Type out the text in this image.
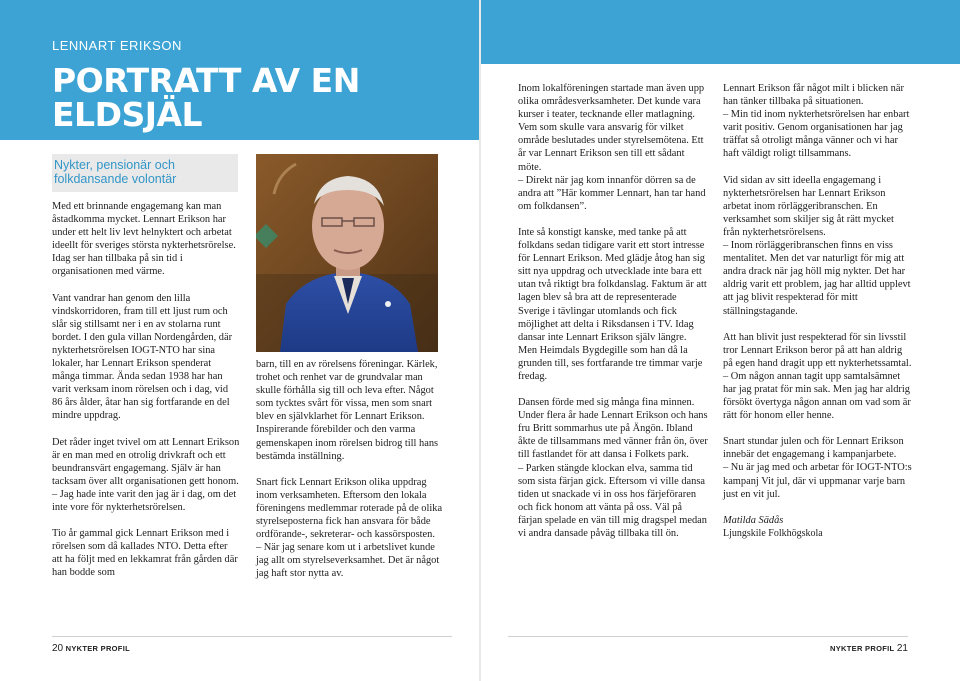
LENNART ERIKSON
PORTRATT AV EN ELDSJÄL
Nykter, pensionär och folkdansande volontär

Med ett brinnande engagemang kan man åstadkomma mycket. Lennart Erikson har under ett helt liv levt helnyktert och arbetat ideellt för sveriges största nykterhetsrörelse. Idag ser han tillbaka på sin tid i organisationen med värme.

Vant vandrar han genom den lilla vindskorridoren, fram till ett ljust rum och slår sig stillsamt ner i en av stolarna runt bordet. I den gula villan Nordengården, där nykterhetsrörelsen IOGT-NTO har sina lokaler, har Lennart Erikson spenderat många timmar. Ända sedan 1938 har han varit verksam inom rörelsen och i dag, vid 86 års ålder, åtar han sig fortfarande en del mindre uppdrag.

Det råder inget tvivel om att Lennart Erikson är en man med en otrolig drivkraft och ett beundransvärt engagemang. Själv är han tacksam över allt organisationen gett honom.
– Jag hade inte varit den jag är i dag, om det inte vore för nykterhetsrörelsen.

Tio år gammal gick Lennart Erikson med i rörelsen som då kallades NTO. Detta efter att ha följt med en lekkamrat från gården där han bodde som

barn, till en av rörelsens föreningar. Kärlek, trohet och renhet var de grundvalar man skulle förhålla sig till och leva efter. Något som tycktes svårt för vissa, men som snart blev en självklarhet för Lennart Erikson. Inspirerande förebilder och den varma gemenskapen inom rörelsen bidrog till hans bestämda inställning.

Snart fick Lennart Erikson olika uppdrag inom verksamheten. Eftersom den lokala föreningens medlemmar roterade på de olika styrelseposterna fick han ansvara för både ordförande-, sekreterar- och kassörsposten.
– När jag senare kom ut i arbetslivet kunde jag allt om styrelseverksamhet. Det är något jag haft stor nytta av.

Inom lokalföreningen startade man även upp olika områdesverksamheter. Det kunde vara kurser i teater, tecknande eller matlagning. Vem som skulle vara ansvarig för vilket område beslutades under styrelsemötena. Ett år var Lennart Erikson sen till ett sådant möte.
– Direkt när jag kom innanför dörren sa de andra att ”Här kommer Lennart, han tar hand om folkdansen”.

Inte så konstigt kanske, med tanke på att folkdans sedan tidigare varit ett stort intresse för Lennart Erikson. Med glädje åtog han sig sitt nya uppdrag och utvecklade inte bara ett utan två riktigt bra folkdanslag. Faktum är att lagen blev så bra att de representerade Sverige i tävlingar utomlands och fick möjlighet att delta i Riksdansen i TV. Idag dansar inte Lennart Erikson själv längre. Men Heimdals Bygdegille som han då la grunden till, ses fortfarande tre timmar varje fredag.

Dansen förde med sig många fina minnen. Under flera år hade Lennart Erikson och hans fru Britt sommarhus ute på Ängön. Ibland åkte de tillsammans med vänner från ön, över till fastlandet för att dansa i Folkets park.
– Parken stängde klockan elva, samma tid som sista färjan gick. Eftersom vi ville dansa tiden ut snackade vi in oss hos färjeföraren och fick honom att vänta på oss. Väl på färjan spelade en vän till mig dragspel medan vi andra dansade påväg tillbaka till ön.

Lennart Erikson får något milt i blicken när han tänker tillbaka på situationen.
– Min tid inom nykterhetsrörelsen har enbart varit positiv. Genom organisationen har jag träffat så otroligt många vänner och vi har haft väldigt roligt tillsammans.

Vid sidan av sitt ideella engagemang i nykterhetsrörelsen har Lennart Erikson arbetat inom rörläggeribranschen. En verksamhet som skiljer sig åt rätt mycket från nykterhetsrörelsens.
– Inom rörläggeribranschen finns en viss mentalitet. Men det var naturligt för mig att andra drack när jag höll mig nykter. Det har aldrig varit ett problem, jag har alltid upplevt att jag blivit respekterad för mitt ställningstagande.

Att han blivit just respekterad för sin livsstil tror Lennart Erikson beror på att han aldrig på egen hand dragit upp ett nykterhetssamtal.
– Om någon annan tagit upp samtalsämnet har jag pratat för min sak. Men jag har aldrig försökt övertyga någon annan om vad som är rätt för honom eller henne.

Snart stundar julen och för Lennart Erikson innebär det engagemang i kampanjarbete.
– Nu är jag med och arbetar för IOGT-NTO:s kampanj Vit jul, där vi uppmanar varje barn just en vit jul.

Matilda Sädås
Ljungskile Folkhögskola
20 NYKTER PROFIL	NYKTER PROFIL 21
